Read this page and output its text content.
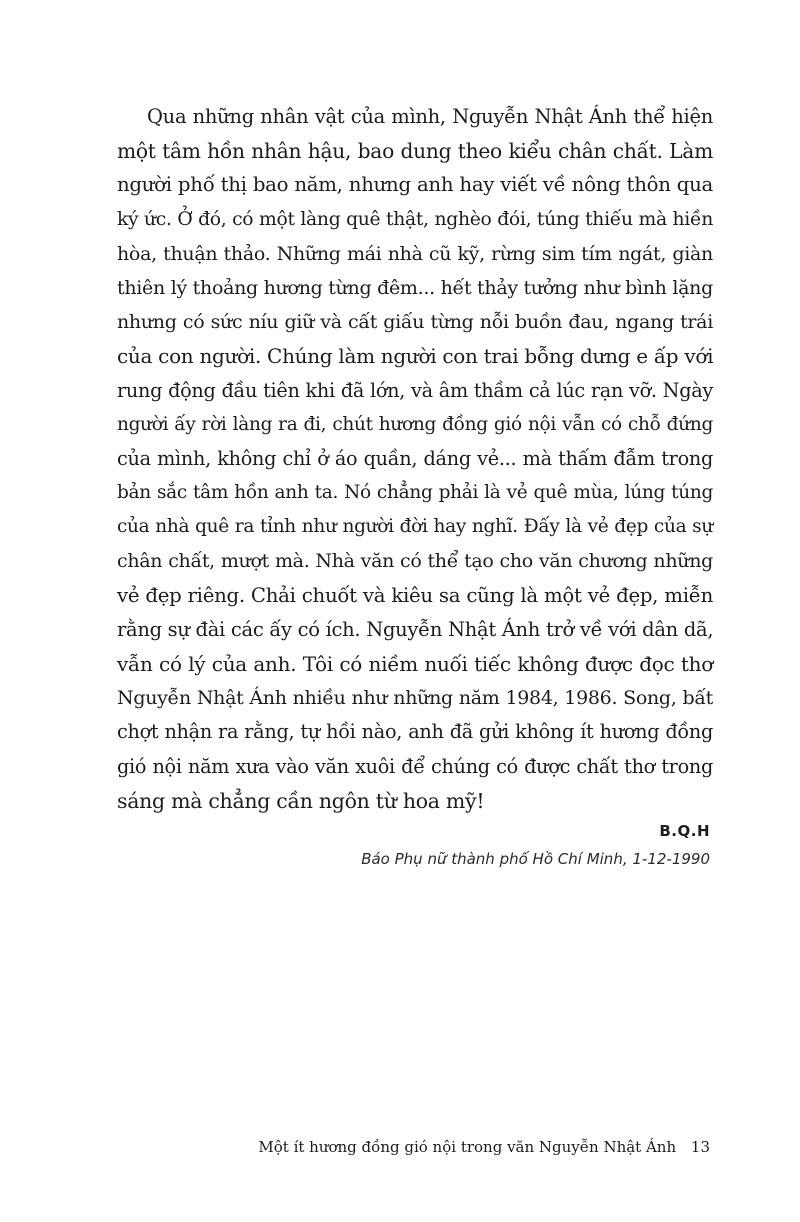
Qua những nhân vật của mình, Nguyễn Nhật Ánh thể hiện
một tâm hồn nhân hậu, bao dung theo kiểu chân chất. Làm
người phố thị bao năm, nhưng anh hay viết về nông thôn qua
ký ức. Ở đó, có một làng quê thật, nghèo đói, túng thiếu mà hiền
hòa, thuận thảo. Những mái nhà cũ kỹ, rừng sim tím ngát, giàn
thiên lý thoảng hương từng đêm... hết thảy tưởng như bình lặng
nhưng có sức níu giữ và cất giấu từng nỗi buồn đau, ngang trái
của con người. Chúng làm người con trai bỗng dưng e ấp với
rung động đầu tiên khi đã lớn, và âm thầm cả lúc rạn vỡ. Ngày
người ấy rời làng ra đi, chút hương đồng gió nội vẫn có chỗ đứng
của mình, không chỉ ở áo quần, dáng vẻ... mà thấm đẫm trong
bản sắc tâm hồn anh ta. Nó chẳng phải là vẻ quê mùa, lúng túng
của nhà quê ra tỉnh như người đời hay nghĩ. Đấy là vẻ đẹp của sự
chân chất, mượt mà. Nhà văn có thể tạo cho văn chương những
vẻ đẹp riêng. Chải chuốt và kiêu sa cũng là một vẻ đẹp, miễn
rằng sự đài các ấy có ích. Nguyễn Nhật Ánh trở về với dân dã,
vẫn có lý của anh. Tôi có niềm nuối tiếc không được đọc thơ
Nguyễn Nhật Ánh nhiều như những năm 1984, 1986. Song, bất
chợt nhận ra rằng, tự hồi nào, anh đã gửi không ít hương đồng
gió nội năm xưa vào văn xuôi để chúng có được chất thơ trong
sáng mà chẳng cần ngôn từ hoa mỹ!
B.Q.H
Báo Phụ nữ thành phố Hồ Chí Minh, 1-12-1990
Một ít hương đồng gió nội trong văn Nguyễn Nhật Ánh 13
